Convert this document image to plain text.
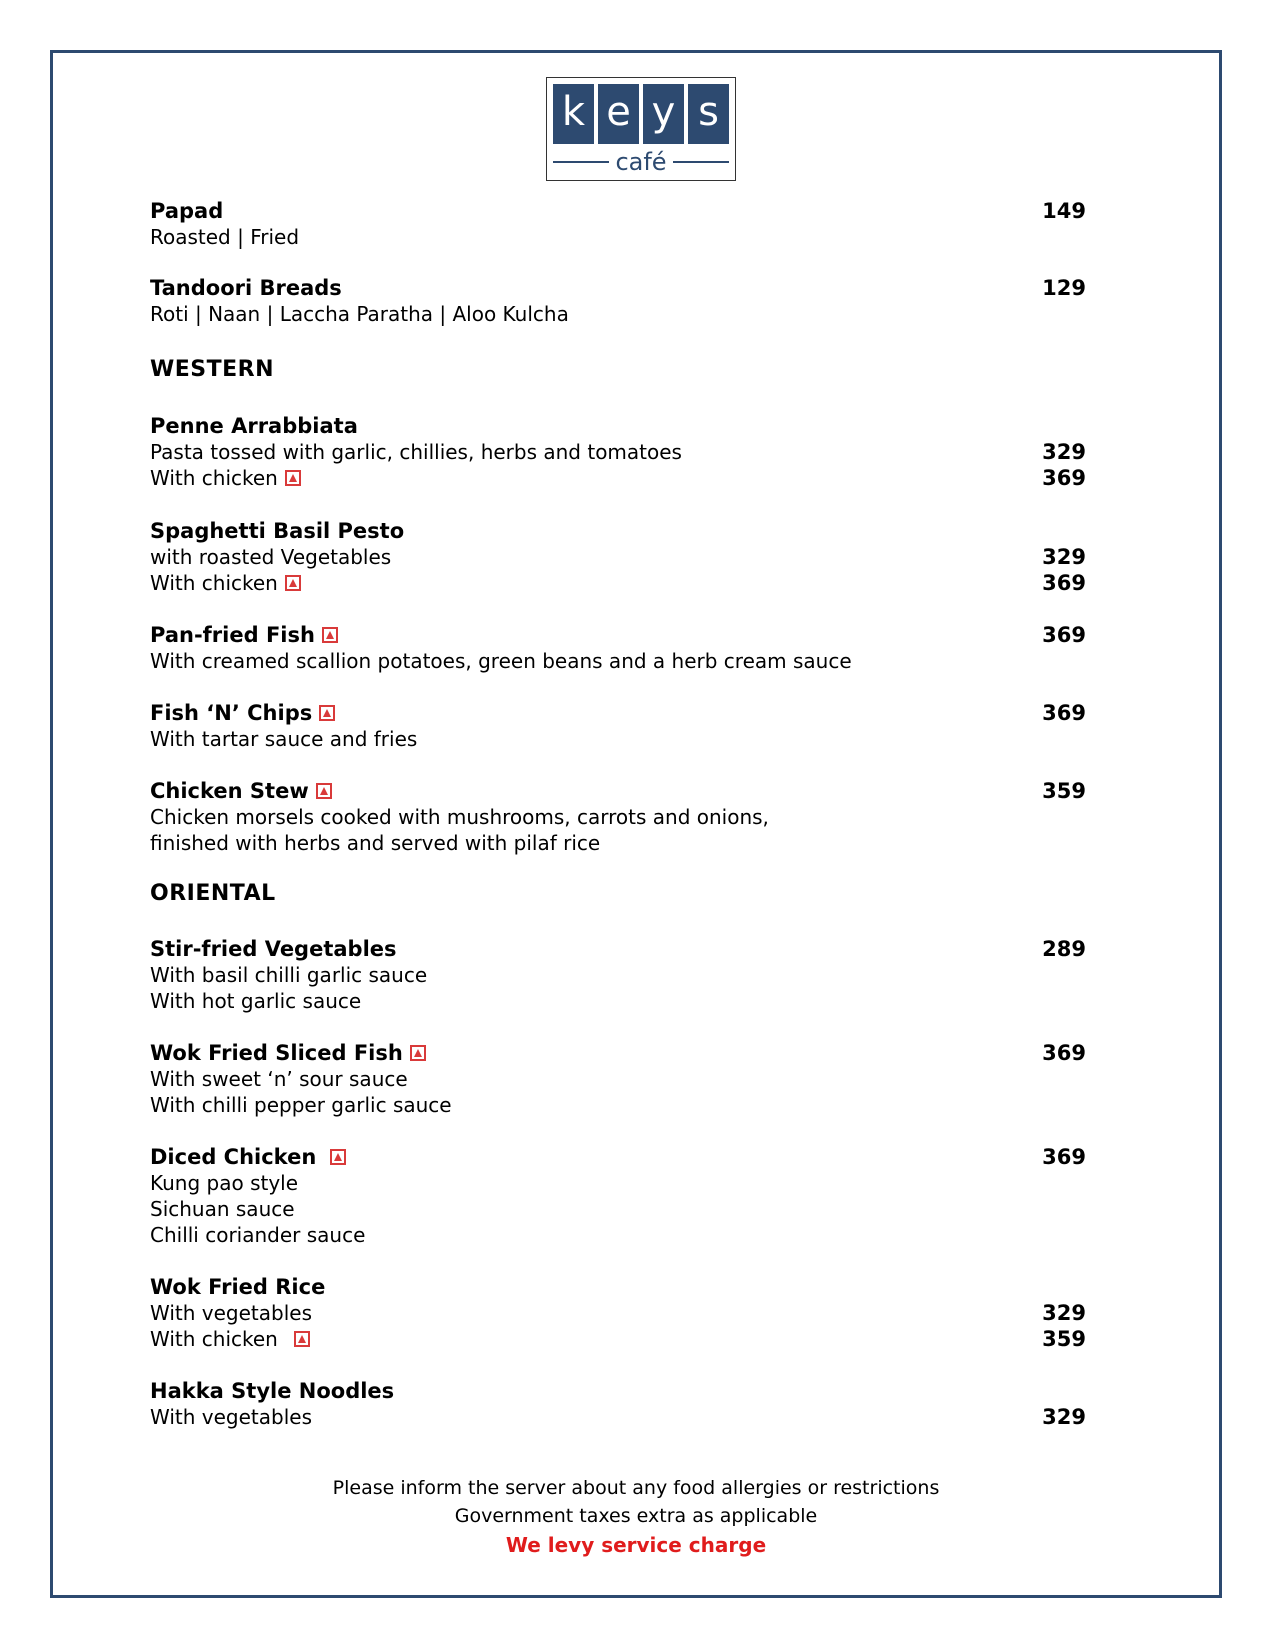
k e y s
café
Papad	149
Roasted | Fried
Tandoori Breads	129
Roti | Naan | Laccha Paratha | Aloo Kulcha
WESTERN
Penne Arrabbiata
Pasta tossed with garlic, chillies, herbs and tomatoes	329
With chicken	369
Spaghetti Basil Pesto
with roasted Vegetables	329
With chicken	369
Pan-fried Fish	369
With creamed scallion potatoes, green beans and a herb cream sauce
Fish ‘N’ Chips	369
With tartar sauce and fries
Chicken Stew	359
Chicken morsels cooked with mushrooms, carrots and onions,
finished with herbs and served with pilaf rice
ORIENTAL
Stir-fried Vegetables	289
With basil chilli garlic sauce
With hot garlic sauce
Wok Fried Sliced Fish	369
With sweet ‘n’ sour sauce
With chilli pepper garlic sauce
Diced Chicken	369
Kung pao style
Sichuan sauce
Chilli coriander sauce
Wok Fried Rice
With vegetables	329
With chicken	359
Hakka Style Noodles
With vegetables	329
Please inform the server about any food allergies or restrictions
Government taxes extra as applicable
We levy service charge
